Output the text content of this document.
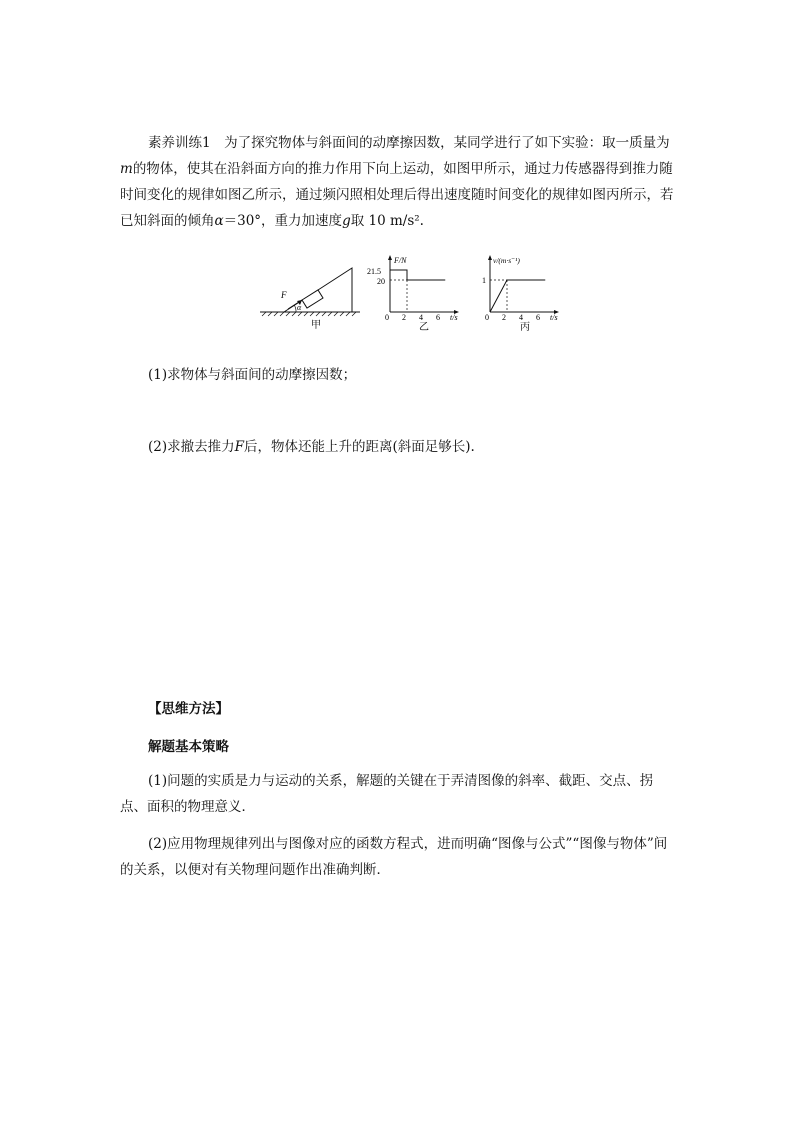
素养训练1　 为了探究物体与斜面间的动摩擦因数，某同学进行了如下实验：取一质量为m的物体，使其在沿斜面方向的推力作用下向上运动，如图甲所示，通过力传感器得到推力随时间变化的规律如图乙所示，通过频闪照相处理后得出速度随时间变化的规律如图丙所示，若已知斜面的倾角α＝30°，重力加速度g取 10 m/s².

F
α
甲
F/N
21.5
20
0 2 4 6 t/s
乙
v/(m·s⁻¹)
1
0 2 4 6 t/s
丙

(1)求物体与斜面间的动摩擦因数；

(2)求撤去推力F后，物体还能上升的距离(斜面足够长).

【思维方法】
解题基本策略

(1)问题的实质是力与运动的关系，解题的关键在于弄清图像的斜率、截距、交点、拐点、面积的物理意义．

(2)应用物理规律列出与图像对应的函数方程式，进而明确“图像与公式”“图像与物体”间的关系，以便对有关物理问题作出准确判断．
